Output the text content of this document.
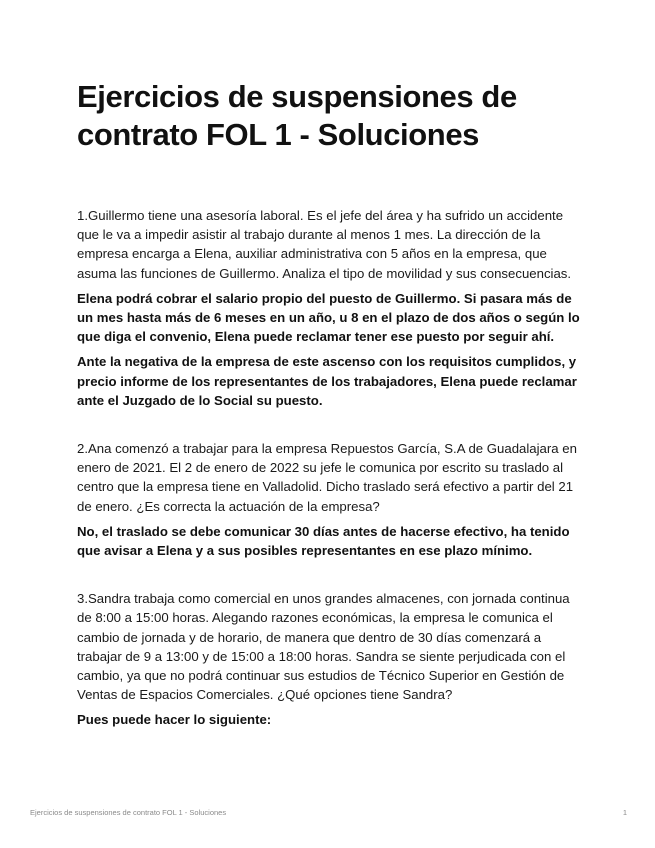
Ejercicios de suspensiones de contrato FOL 1 - Soluciones

1.Guillermo tiene una asesoría laboral. Es el jefe del área y ha sufrido un accidente que le va a impedir asistir al trabajo durante al menos 1 mes. La dirección de la empresa encarga a Elena, auxiliar administrativa con 5 años en la empresa, que asuma las funciones de Guillermo. Analiza el tipo de movilidad y sus consecuencias.

Elena podrá cobrar el salario propio del puesto de Guillermo. Si pasara más de un mes hasta más de 6 meses en un año, u 8 en el plazo de dos años o según lo que diga el convenio, Elena puede reclamar tener ese puesto por seguir ahí.

Ante la negativa de la empresa de este ascenso con los requisitos cumplidos, y precio informe de los representantes de los trabajadores, Elena puede reclamar ante el Juzgado de lo Social su puesto.

2.Ana comenzó a trabajar para la empresa Repuestos García, S.A de Guadalajara en enero de 2021. El 2 de enero de 2022 su jefe le comunica por escrito su traslado al centro que la empresa tiene en Valladolid. Dicho traslado será efectivo a partir del 21 de enero. ¿Es correcta la actuación de la empresa?

No, el traslado se debe comunicar 30 días antes de hacerse efectivo, ha tenido que avisar a Elena y a sus posibles representantes en ese plazo mínimo.

3.Sandra trabaja como comercial en unos grandes almacenes, con jornada continua de 8:00 a 15:00 horas. Alegando razones económicas, la empresa le comunica el cambio de jornada y de horario, de manera que dentro de 30 días comenzará a trabajar de 9 a 13:00 y de 15:00 a 18:00 horas. Sandra se siente perjudicada con el cambio, ya que no podrá continuar sus estudios de Técnico Superior en Gestión de Ventas de Espacios Comerciales. ¿Qué opciones tiene Sandra?

Pues puede hacer lo siguiente:

Ejercicios de suspensiones de contrato FOL 1 - Soluciones	1
